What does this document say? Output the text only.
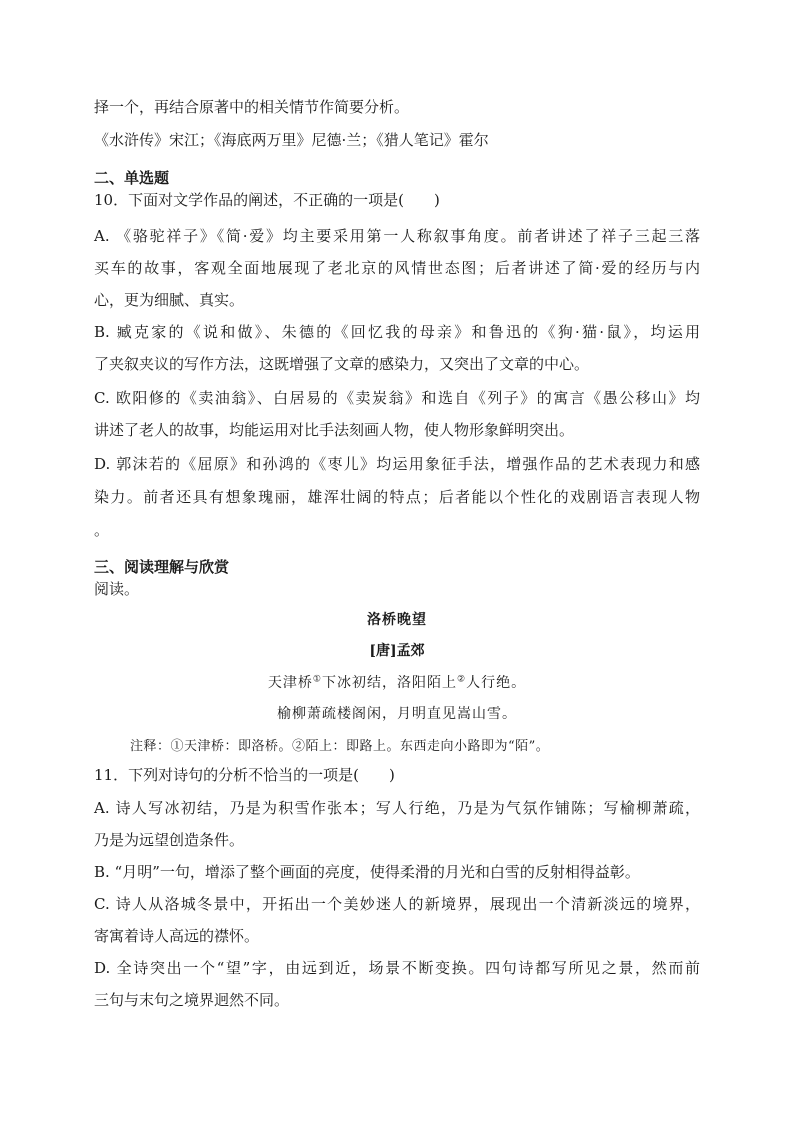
择一个，再结合原著中的相关情节作简要分析。
《水浒传》宋江；《海底两万里》尼德·兰；《猎人笔记》霍尔
二、单选题
10．下面对文学作品的阐述，不正确的一项是(　　)
A. 《骆驼祥子》《简·爱》均主要采用第一人称叙事角度。前者讲述了祥子三起三落
买车的故事，客观全面地展现了老北京的风情世态图；后者讲述了简·爱的经历与内
心，更为细腻、真实。
B. 臧克家的《说和做》、朱德的《回忆我的母亲》和鲁迅的《狗·猫·鼠》，均运用
了夹叙夹议的写作方法，这既增强了文章的感染力，又突出了文章的中心。
C. 欧阳修的《卖油翁》、白居易的《卖炭翁》和选自《列子》的寓言《愚公移山》均
讲述了老人的故事，均能运用对比手法刻画人物，使人物形象鲜明突出。
D. 郭沫若的《屈原》和孙鸿的《枣儿》均运用象征手法，增强作品的艺术表现力和感
染力。前者还具有想象瑰丽，雄浑壮阔的特点；后者能以个性化的戏剧语言表现人物
。
三、阅读理解与欣赏
阅读。
洛桥晚望
[唐]孟郊
天津桥①下冰初结，洛阳陌上②人行绝。
榆柳萧疏楼阁闲，月明直见嵩山雪。
注释：①天津桥：即洛桥。②陌上：即路上。东西走向小路即为“陌”。
11．下列对诗句的分析不恰当的一项是(　　)
A. 诗人写冰初结，乃是为积雪作张本；写人行绝，乃是为气氛作铺陈；写榆柳萧疏，
乃是为远望创造条件。
B. “月明”一句，增添了整个画面的亮度，使得柔滑的月光和白雪的反射相得益彰。
C. 诗人从洛城冬景中，开拓出一个美妙迷人的新境界，展现出一个清新淡远的境界，
寄寓着诗人高远的襟怀。
D. 全诗突出一个“望”字，由远到近，场景不断变换。四句诗都写所见之景，然而前
三句与末句之境界迥然不同。
